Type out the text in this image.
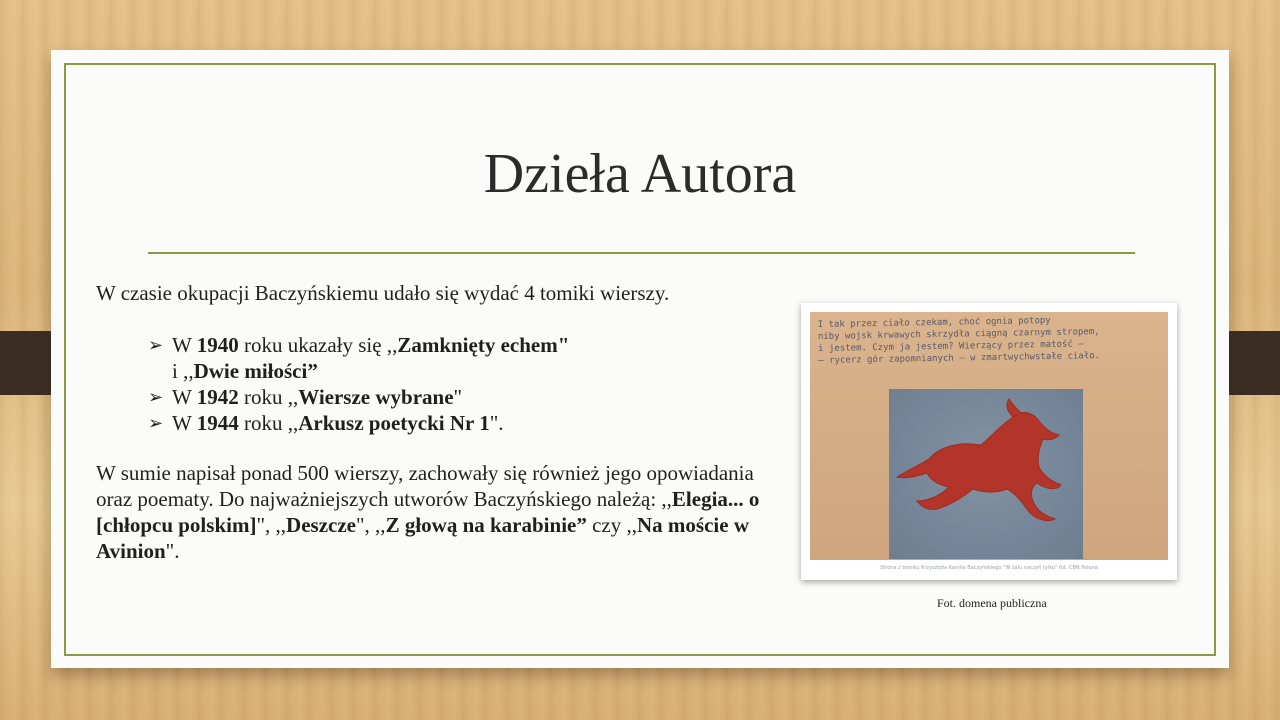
Dzieła Autora

W czasie okupacji Baczyńskiemu udało się wydać 4 tomiki wierszy.

➢ W 1940 roku ukazały się ,,Zamknięty echem"
i ,,Dwie miłości”
➢ W 1942 roku ,,Wiersze wybrane"
➢ W 1944 roku ,,Arkusz poetycki Nr 1".

W sumie napisał ponad 500 wierszy, zachowały się również jego opowiadania oraz poematy. Do najważniejszych utworów Baczyńskiego należą: ,,Elegia... o [chłopcu polskim]", ,,Deszcze", ,,Z głową na karabinie” czy ,,Na moście w Avinion".

I tak przez ciało czekam, choć ognia potopy
niby wojsk krwawych skrzydła ciągną czarnym stropem,
i jestem. Czym ja jestem? Wierzący przez matość –
– rycerz gór zapomnianych – w zmartwychwstałe ciało.
Strona z tomiku Krzysztofa Kamila Baczyńskiego "W żalu naczyń tylko" fot. CBN Polona
Fot. domena publiczna
